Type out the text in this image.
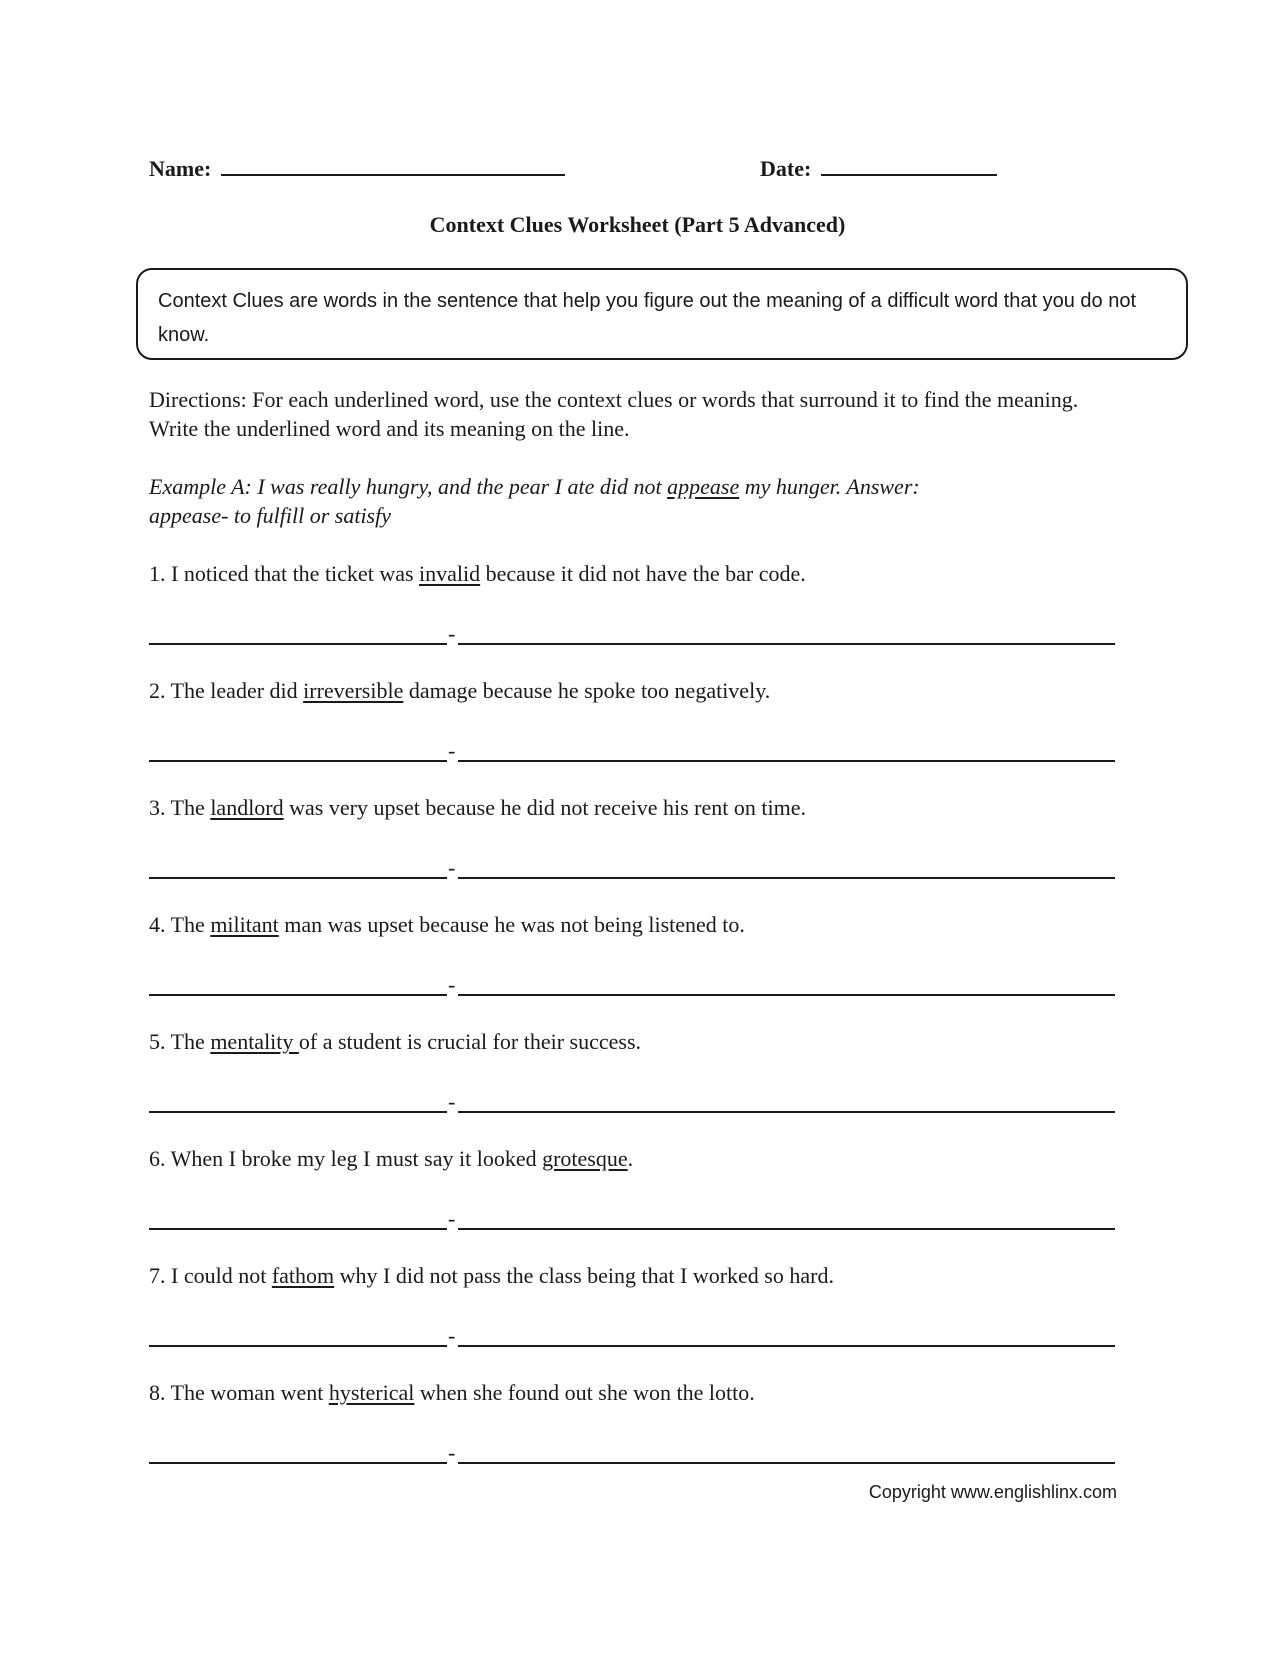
Name:	Date:
Context Clues Worksheet (Part 5 Advanced)
Context Clues are words in the sentence that help you figure out the meaning of a difficult word that you do not know.
Directions: For each underlined word, use the context clues or words that surround it to find the meaning. Write the underlined word and its meaning on the line.
Example A: I was really hungry, and the pear I ate did not appease my hunger. Answer:
appease- to fulfill or satisfy
1. I noticed that the ticket was invalid because it did not have the bar code.
-
2. The leader did irreversible damage because he spoke too negatively.
-
3. The landlord was very upset because he did not receive his rent on time.
-
4. The militant man was upset because he was not being listened to.
-
5. The mentality of a student is crucial for their success.
-
6. When I broke my leg I must say it looked grotesque.
-
7. I could not fathom why I did not pass the class being that I worked so hard.
-
8. The woman went hysterical when she found out she won the lotto.
-
Copyright www.englishlinx.com
